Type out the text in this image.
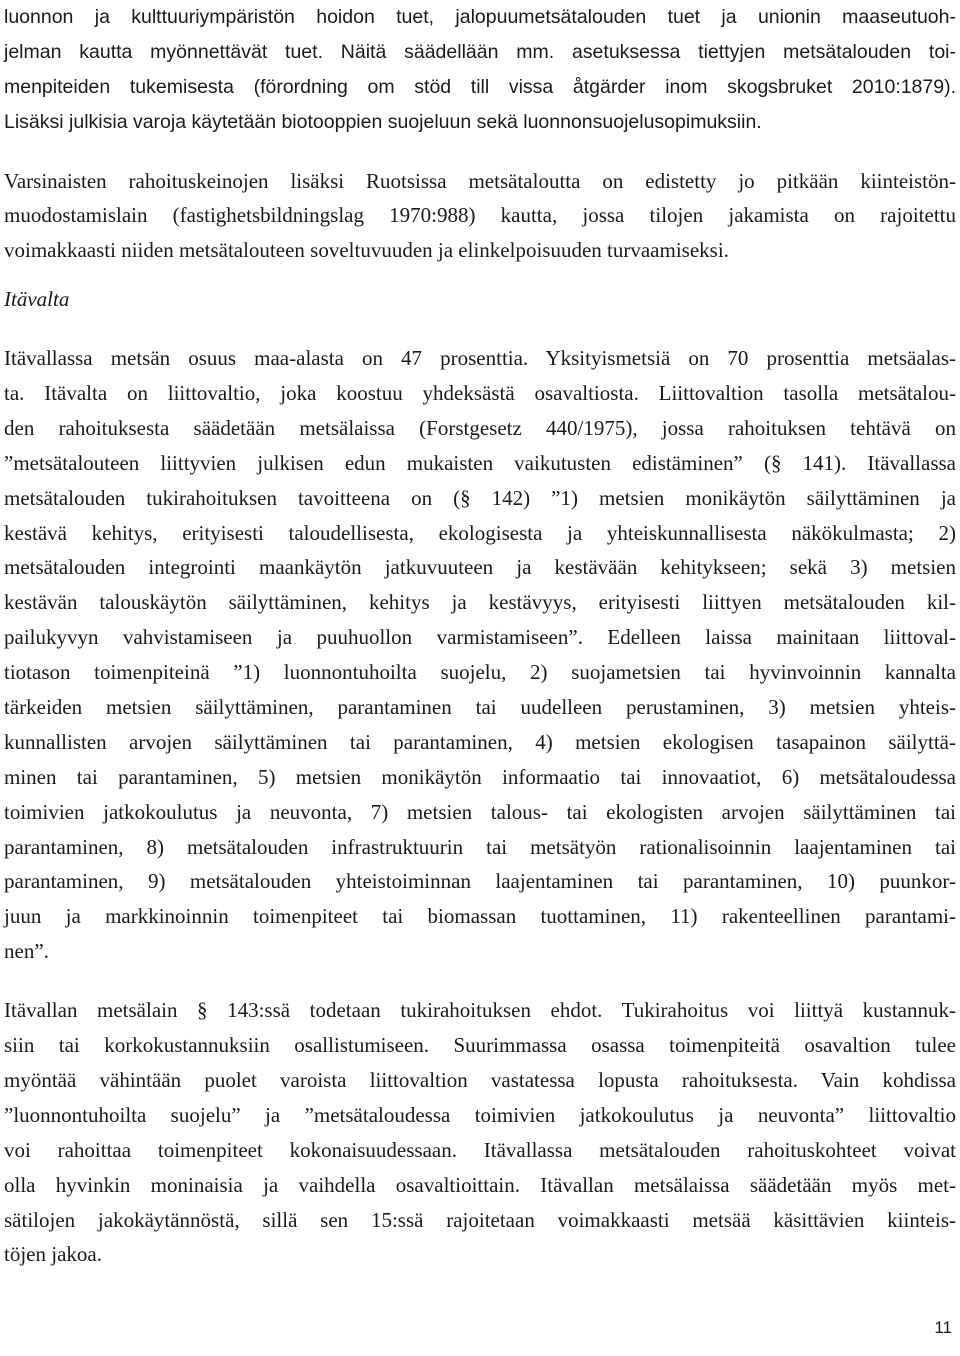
luonnon ja kulttuuriympäristön hoidon tuet, jalopuumetsätalouden tuet ja unionin maaseutuoh-
jelman kautta myönnettävät tuet. Näitä säädellään mm. asetuksessa tiettyjen metsätalouden toi-
menpiteiden tukemisesta (förordning om stöd till vissa åtgärder inom skogsbruket 2010:1879).
Lisäksi julkisia varoja käytetään biotooppien suojeluun sekä luonnonsuojelusopimuksiin.
Varsinaisten rahoituskeinojen lisäksi Ruotsissa metsätaloutta on edistetty jo pitkään kiinteistön-
muodostamislain (fastighetsbildningslag 1970:988) kautta, jossa tilojen jakamista on rajoitettu
voimakkaasti niiden metsätalouteen soveltuvuuden ja elinkelpoisuuden turvaamiseksi.
Itävalta
Itävallassa metsän osuus maa-alasta on 47 prosenttia. Yksityismetsiä on 70 prosenttia metsäalas-
ta. Itävalta on liittovaltio, joka koostuu yhdeksästä osavaltiosta. Liittovaltion tasolla metsätalou-
den rahoituksesta säädetään metsälaissa (Forstgesetz 440/1975), jossa rahoituksen tehtävä on
”metsätalouteen liittyvien julkisen edun mukaisten vaikutusten edistäminen” (§ 141). Itävallassa
metsätalouden tukirahoituksen tavoitteena on (§ 142) ”1) metsien monikäytön säilyttäminen ja
kestävä kehitys, erityisesti taloudellisesta, ekologisesta ja yhteiskunnallisesta näkökulmasta; 2)
metsätalouden integrointi maankäytön jatkuvuuteen ja kestävään kehitykseen; sekä 3) metsien
kestävän talouskäytön säilyttäminen, kehitys ja kestävyys, erityisesti liittyen metsätalouden kil-
pailukyvyn vahvistamiseen ja puuhuollon varmistamiseen”. Edelleen laissa mainitaan liittoval-
tiotason toimenpiteinä ”1) luonnontuhoilta suojelu, 2) suojametsien tai hyvinvoinnin kannalta
tärkeiden metsien säilyttäminen, parantaminen tai uudelleen perustaminen, 3) metsien yhteis-
kunnallisten arvojen säilyttäminen tai parantaminen, 4) metsien ekologisen tasapainon säilyttä-
minen tai parantaminen, 5) metsien monikäytön informaatio tai innovaatiot, 6) metsätaloudessa
toimivien jatkokoulutus ja neuvonta, 7) metsien talous- tai ekologisten arvojen säilyttäminen tai
parantaminen, 8) metsätalouden infrastruktuurin tai metsätyön rationalisoinnin laajentaminen tai
parantaminen, 9) metsätalouden yhteistoiminnan laajentaminen tai parantaminen, 10) puunkor-
juun ja markkinoinnin toimenpiteet tai biomassan tuottaminen, 11) rakenteellinen parantami-
nen”.
Itävallan metsälain § 143:ssä todetaan tukirahoituksen ehdot. Tukirahoitus voi liittyä kustannuk-
siin tai korkokustannuksiin osallistumiseen. Suurimmassa osassa toimenpiteitä osavaltion tulee
myöntää vähintään puolet varoista liittovaltion vastatessa lopusta rahoituksesta. Vain kohdissa
”luonnontuhoilta suojelu” ja ”metsätaloudessa toimivien jatkokoulutus ja neuvonta” liittovaltio
voi rahoittaa toimenpiteet kokonaisuudessaan. Itävallassa metsätalouden rahoituskohteet voivat
olla hyvinkin moninaisia ja vaihdella osavaltioittain. Itävallan metsälaissa säädetään myös met-
sätilojen jakokäytännöstä, sillä sen 15:ssä rajoitetaan voimakkaasti metsää käsittävien kiinteis-
töjen jakoa.
11
